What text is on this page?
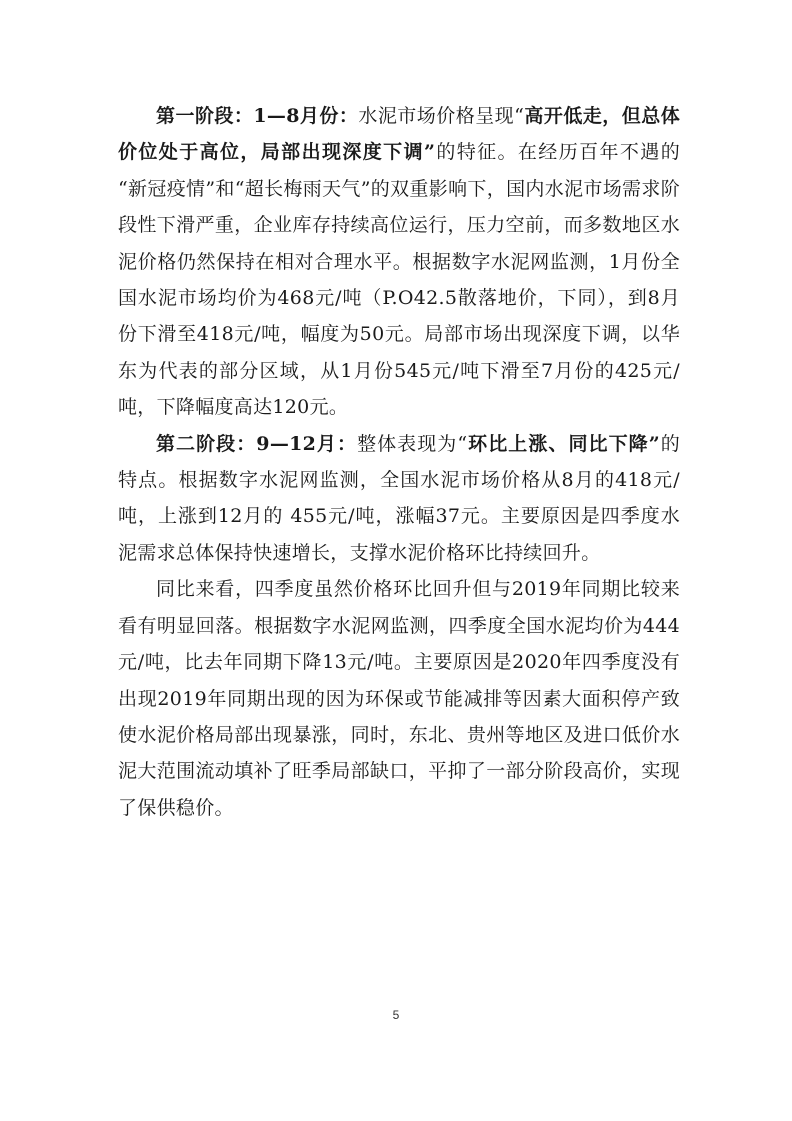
第一阶段：1—8月份：水泥市场价格呈现“高开低走，但总体价位处于高位，局部出现深度下调”的特征。在经历百年不遇的 “新冠疫情”和“超长梅雨天气”的双重影响下，国内水泥市场需求阶段性下滑严重，企业库存持续高位运行，压力空前，而多数地区水泥价格仍然保持在相对合理水平。根据数字水泥网监测，1月份全国水泥市场均价为468元/吨（P.O42.5散落地价，下同），到8月份下滑至418元/吨，幅度为50元。局部市场出现深度下调，以华东为代表的部分区域，从1月份545元/吨下滑至7月份的425元/吨，下降幅度高达120元。

第二阶段：9—12月：整体表现为“环比上涨、同比下降”的特点。根据数字水泥网监测，全国水泥市场价格从8月的418元/吨，上涨到12月的 455元/吨，涨幅37元。主要原因是四季度水泥需求总体保持快速增长，支撑水泥价格环比持续回升。

同比来看，四季度虽然价格环比回升但与2019年同期比较来看有明显回落。根据数字水泥网监测，四季度全国水泥均价为444元/吨，比去年同期下降13元/吨。主要原因是2020年四季度没有出现2019年同期出现的因为环保或节能减排等因素大面积停产致使水泥价格局部出现暴涨，同时，东北、贵州等地区及进口低价水泥大范围流动填补了旺季局部缺口，平抑了一部分阶段高价，实现了保供稳价。

5
